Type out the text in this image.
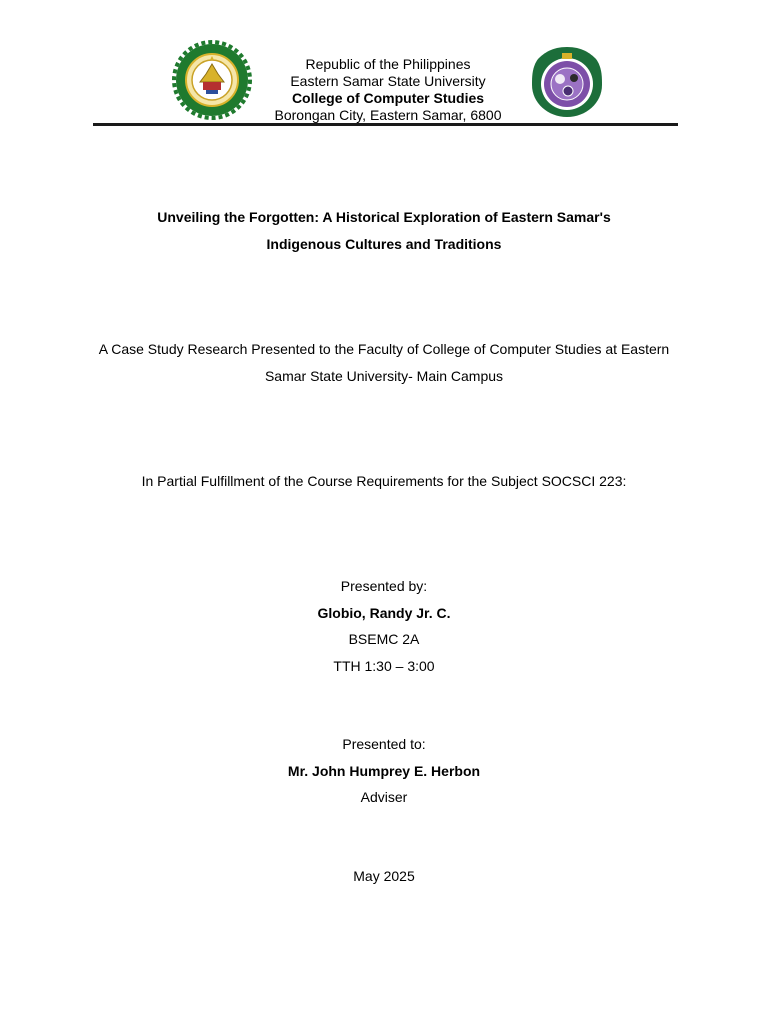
Republic of the Philippines
Eastern Samar State University
College of Computer Studies
Borongan City, Eastern Samar, 6800
Unveiling the Forgotten: A Historical Exploration of Eastern Samar's
Indigenous Cultures and Traditions
A Case Study Research Presented to the Faculty of College of Computer Studies at Eastern
Samar State University- Main Campus
In Partial Fulfillment of the Course Requirements for the Subject SOCSCI 223:
Presented by:
Globio, Randy Jr. C.
BSEMC 2A
TTH 1:30 – 3:00
Presented to:
Mr. John Humprey E. Herbon
Adviser
May 2025
